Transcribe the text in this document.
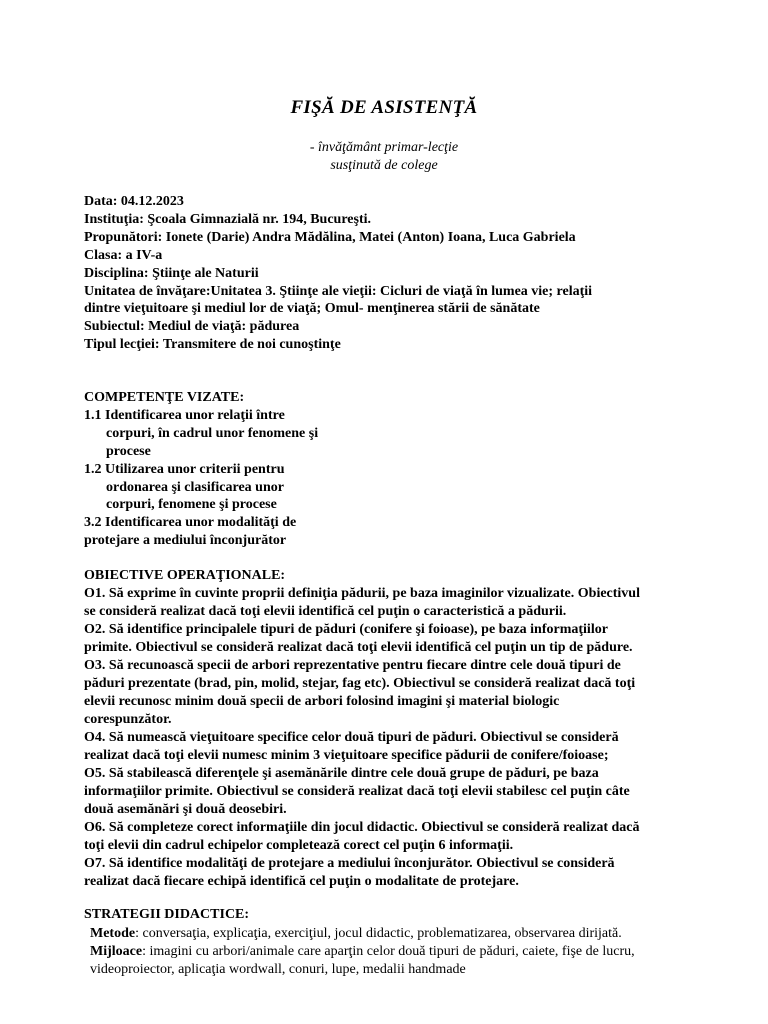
FIŞĂ DE ASISTENŢĂ
- învăţământ primar-lecţie
susţinută de colege
Data: 04.12.2023
Instituţia: Şcoala Gimnazială nr. 194, Bucureşti.
Propunători: Ionete (Darie) Andra Mădălina, Matei (Anton) Ioana, Luca Gabriela
Clasa: a IV-a
Disciplina: Ştiinţe ale Naturii
Unitatea de învăţare:Unitatea 3. Ştiinţe ale vieţii: Cicluri de viaţă în lumea vie; relaţii
dintre vieţuitoare şi mediul lor de viaţă; Omul- menţinerea stării de sănătate
Subiectul: Mediul de viaţă: pădurea
Tipul lecţiei: Transmitere de noi cunoştinţe
COMPETENŢE VIZATE:
1.1 Identificarea unor relaţii între
corpuri, în cadrul unor fenomene şi
procese
1.2 Utilizarea unor criterii pentru
ordonarea şi clasificarea unor
corpuri, fenomene şi procese
3.2 Identificarea unor modalităţi de
protejare a mediului înconjurător

OBIECTIVE OPERAŢIONALE:

O1. Să exprime în cuvinte proprii definiţia pădurii, pe baza imaginilor vizualizate. Obiectivul se consideră realizat dacă toţi elevii identifică cel puţin o caracteristică a pădurii.

O2. Să identifice principalele tipuri de păduri (conifere şi foioase), pe baza informaţiilor primite. Obiectivul se consideră realizat dacă toţi elevii identifică cel puţin un tip de pădure.

O3. Să recunoască specii de arbori reprezentative pentru fiecare dintre cele două tipuri de păduri prezentate (brad, pin, molid, stejar, fag etc). Obiectivul se consideră realizat dacă toţi elevii recunosc minim două specii de arbori folosind imagini şi material biologic corespunzător.

O4. Să numească vieţuitoare specifice celor două tipuri de păduri. Obiectivul se consideră realizat dacă toţi elevii numesc minim 3 vieţuitoare specifice pădurii de conifere/foioase;

O5. Să stabilească diferenţele şi asemănările dintre cele două grupe de păduri, pe baza informaţiilor primite. Obiectivul se consideră realizat dacă toţi elevii stabilesc cel puţin câte două asemănări şi două deosebiri.

O6. Să completeze corect informaţiile din jocul didactic. Obiectivul se consideră realizat dacă toţi elevii din cadrul echipelor completează corect cel puţin 6 informaţii.

O7. Să identifice modalităţi de protejare a mediului înconjurător. Obiectivul se consideră realizat dacă fiecare echipă identifică cel puţin o modalitate de protejare.

STRATEGII DIDACTICE:

Metode: conversaţia, explicaţia, exerciţiul, jocul didactic, problematizarea, observarea dirijată.

Mijloace: imagini cu arbori/animale care aparţin celor două tipuri de păduri, caiete, fişe de lucru, videoproiector, aplicaţia wordwall, conuri, lupe, medalii handmade
